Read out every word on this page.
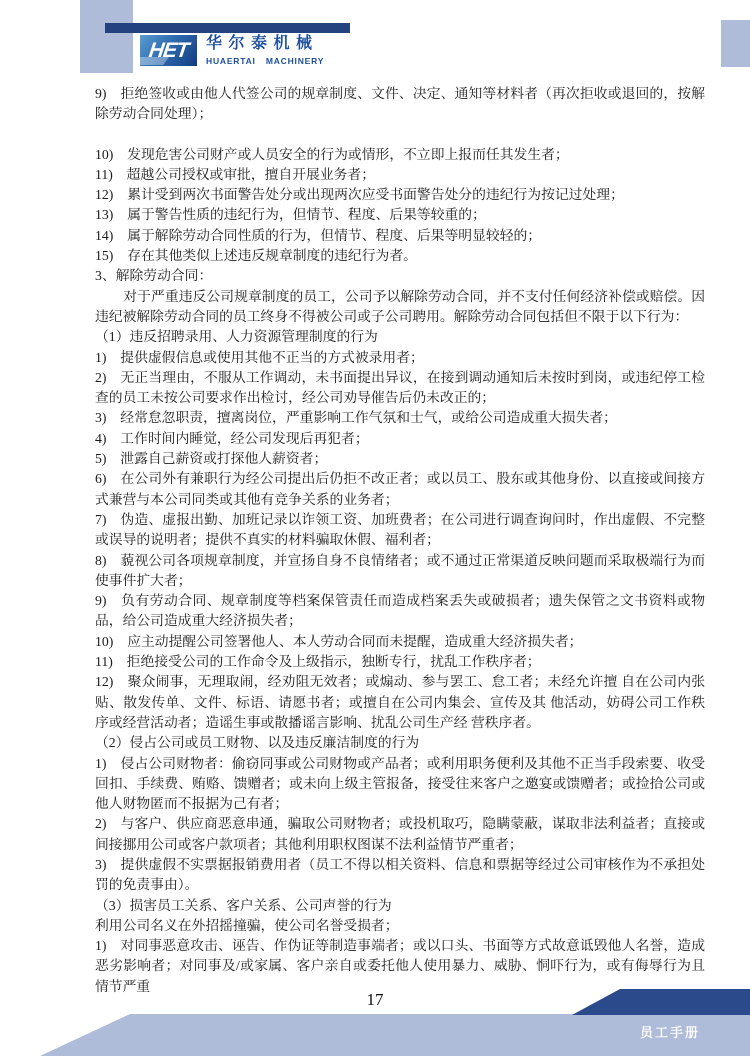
HET 华尔泰机械
HUAERTAI MACHINERY

9)　拒绝签收或由他人代签公司的规章制度、文件、决定、通知等材料者（再次拒收或退回的，按解除劳动合同处理）；

10)　发现危害公司财产或人员安全的行为或情形，不立即上报而任其发生者；

11)　超越公司授权或审批，擅自开展业务者；

12)　累计受到两次书面警告处分或出现两次应受书面警告处分的违纪行为按记过处理；

13)　属于警告性质的违纪行为，但情节、程度、后果等较重的；

14)　属于解除劳动合同性质的行为，但情节、程度、后果等明显较轻的；

15)　存在其他类似上述违反规章制度的违纪行为者。

3、解除劳动合同：

对于严重违反公司规章制度的员工，公司予以解除劳动合同，并不支付任何经济补偿或赔偿。因违纪被解除劳动合同的员工终身不得被公司或子公司聘用。解除劳动合同包括但不限于以下行为：

（1）违反招聘录用、人力资源管理制度的行为

1)　提供虚假信息或使用其他不正当的方式被录用者；

2)　无正当理由，不服从工作调动，未书面提出异议，在接到调动通知后未按时到岗，或违纪停工检查的员工未按公司要求作出检讨，经公司劝导催告后仍未改正的；

3)　经常怠忽职责，擅离岗位，严重影响工作气氛和士气，或给公司造成重大损失者；

4)　工作时间内睡觉，经公司发现后再犯者；

5)　泄露自己薪资或打探他人薪资者；

6)　在公司外有兼职行为经公司提出后仍拒不改正者；或以员工、股东或其他身份、以直接或间接方式兼营与本公司同类或其他有竞争关系的业务者；

7)　伪造、虚报出勤、加班记录以诈领工资、加班费者；在公司进行调查询问时，作出虚假、不完整或误导的说明者；提供不真实的材料骗取休假、福利者；

8)　藐视公司各项规章制度，并宣扬自身不良情绪者；或不通过正常渠道反映问题而采取极端行为而使事件扩大者；

9)　负有劳动合同、规章制度等档案保管责任而造成档案丢失或破损者；遗失保管之文书资料或物品，给公司造成重大经济损失者；

10)　应主动提醒公司签署他人、本人劳动合同而未提醒，造成重大经济损失者；

11)　拒绝接受公司的工作命令及上级指示，独断专行，扰乱工作秩序者；

12)　聚众闹事，无理取闹，经劝阻无效者；或煽动、参与罢工、怠工者；未经允许擅 自在公司内张贴、散发传单、文件、标语、请愿书者；或擅自在公司内集会、宣传及其 他活动，妨碍公司工作秩序或经营活动者；造谣生事或散播谣言影响、扰乱公司生产经 营秩序者。

（2）侵占公司或员工财物、以及违反廉洁制度的行为

1)　侵占公司财物者：偷窃同事或公司财物或产品者；或利用职务便利及其他不正当手段索要、收受回扣、手续费、贿赂、馈赠者；或未向上级主管报备，接受往来客户之邀宴或馈赠者；或捡拾公司或他人财物匿而不报据为己有者；

2)　与客户、供应商恶意串通，骗取公司财物者；或投机取巧，隐瞒蒙蔽，谋取非法利益者；直接或间接挪用公司或客户款项者；其他利用职权图谋不法利益情节严重者；

3)　提供虚假不实票据报销费用者（员工不得以相关资料、信息和票据等经过公司审核作为不承担处罚的免责事由）。

（3）损害员工关系、客户关系、公司声誉的行为

利用公司名义在外招摇撞骗，使公司名誉受损者；

1)　对同事恶意攻击、诬告、作伪证等制造事端者；或以口头、书面等方式故意诋毁他人名誉，造成恶劣影响者；对同事及/或家属、客户亲自或委托他人使用暴力、威胁、恫吓行为，或有侮辱行为且情节严重

17
员工手册
